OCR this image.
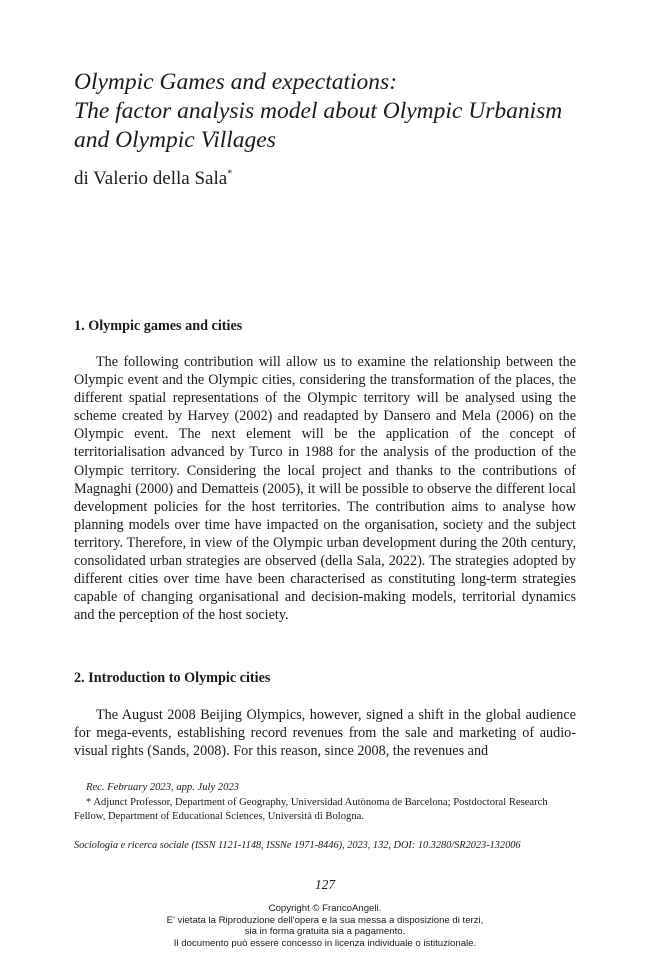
Olympic Games and expectations:
The factor analysis model about Olympic Urbanism
and Olympic Villages

di Valerio della Sala*

1. Olympic games and cities

The following contribution will allow us to examine the relationship between the Olympic event and the Olympic cities, considering the transformation of the places, the different spatial representations of the Olympic territory will be analysed using the scheme created by Harvey (2002) and readapted by Dansero and Mela (2006) on the Olympic event. The next element will be the application of the concept of territorialisation advanced by Turco in 1988 for the analysis of the production of the Olympic territory. Considering the local project and thanks to the contributions of Magnaghi (2000) and Dematteis (2005), it will be possible to observe the different local development policies for the host territories. The contribution aims to analyse how planning models over time have impacted on the organisation, society and the subject territory. Therefore, in view of the Olympic urban development during the 20th century, consolidated urban strategies are observed (della Sala, 2022). The strategies adopted by different cities over time have been characterised as constituting long-term strategies capable of changing organisational and decision-making models, territorial dynamics and the perception of the host society.

2. Introduction to Olympic cities

The August 2008 Beijing Olympics, however, signed a shift in the global audience for mega-events, establishing record revenues from the sale and marketing of audio-visual rights (Sands, 2008). For this reason, since 2008, the revenues and

Rec. February 2023, app. July 2023

* Adjunct Professor, Department of Geography, Universidad Autònoma de Barcelona; Postdoctoral Research Fellow, Department of Educational Sciences, Università di Bologna.

Sociologia e ricerca sociale (ISSN 1121-1148, ISSNe 1971-8446), 2023, 132, DOI: 10.3280/SR2023-132006

127

Copyright © FrancoAngeli.
E' vietata la Riproduzione dell'opera e la sua messa a disposizione di terzi,
sia in forma gratuita sia a pagamento.
Il documento può essere concesso in licenza individuale o istituzionale.
